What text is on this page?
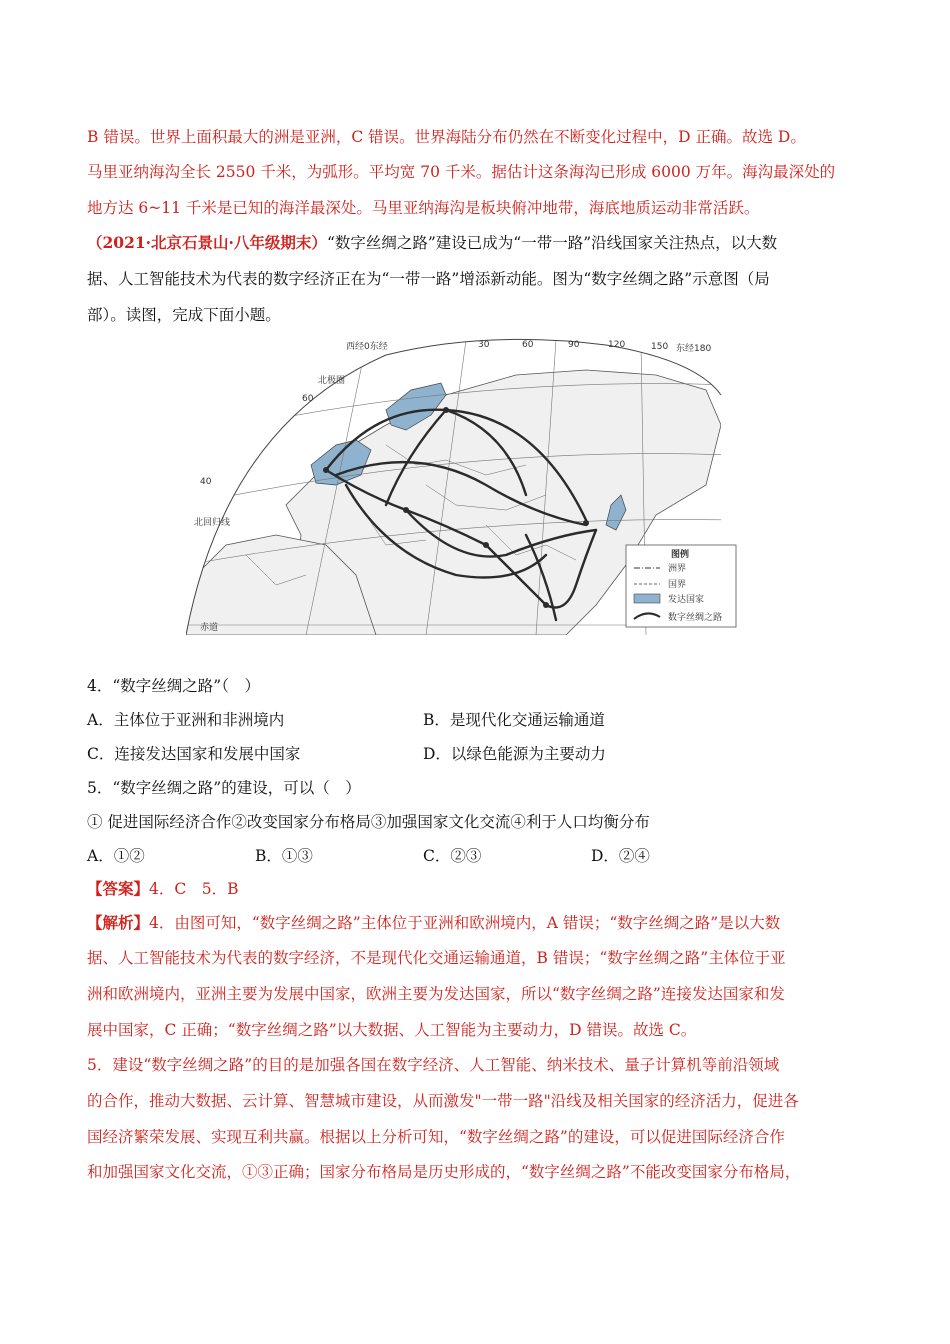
B 错误。世界上面积最大的洲是亚洲，C 错误。世界海陆分布仍然在不断变化过程中，D 正确。故选 D。
马里亚纳海沟全长 2550 千米，为弧形。平均宽 70 千米。据估计这条海沟已形成 6000 万年。海沟最深处的
地方达 6~11 千米是已知的海洋最深处。马里亚纳海沟是板块俯冲地带，海底地质运动非常活跃。
（2021·北京石景山·八年级期末）“数字丝绸之路”建设已成为“一带一路”沿线国家关注热点，以大数
据、人工智能技术为代表的数字经济正在为“一带一路”增添新动能。图为“数字丝绸之路”示意图（局
部）。读图，完成下面小题。
西经0东经	30	60	90	120	150 东经180
北极圈
60
40
北回归线
赤道
图例
洲界
国界
发达国家
数字丝绸之路
4．“数字丝绸之路”（　）
A．主体位于亚洲和非洲境内	B．是现代化交通运输通道
C．连接发达国家和发展中国家	D．以绿色能源为主要动力
5．“数字丝绸之路”的建设，可以（　）
① 促进国际经济合作②改变国家分布格局③加强国家文化交流④利于人口均衡分布
A．①②	B．①③	C．②③	D．②④
【答案】4．C　5．B
【解析】4．由图可知，“数字丝绸之路”主体位于亚洲和欧洲境内，A 错误；“数字丝绸之路”是以大数
据、人工智能技术为代表的数字经济，不是现代化交通运输通道，B 错误；“数字丝绸之路”主体位于亚
洲和欧洲境内，亚洲主要为发展中国家，欧洲主要为发达国家，所以“数字丝绸之路”连接发达国家和发
展中国家，C 正确；“数字丝绸之路”以大数据、人工智能为主要动力，D 错误。故选 C。
5．建设“数字丝绸之路”的目的是加强各国在数字经济、人工智能、纳米技术、量子计算机等前沿领域
的合作，推动大数据、云计算、智慧城市建设，从而激发"一带一路"沿线及相关国家的经济活力，促进各
国经济繁荣发展、实现互利共赢。根据以上分析可知，“数字丝绸之路”的建设，可以促进国际经济合作
和加强国家文化交流，①③正确；国家分布格局是历史形成的，“数字丝绸之路”不能改变国家分布格局，
